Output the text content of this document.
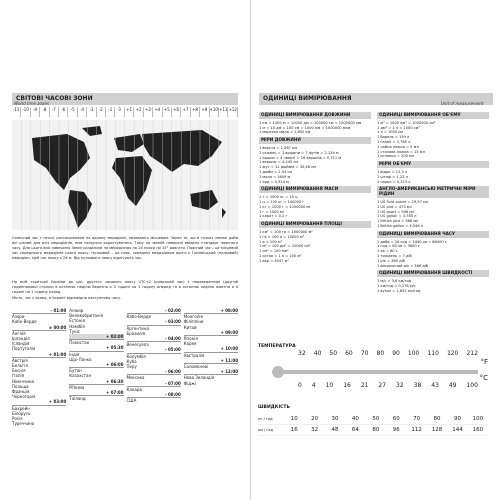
СВІТОВІ ЧАСОВІ ЗОНИ
World time zones
-11 -10	-9	-8	-7	-6	-5	-4	-3	-2	-1	0	+1 +2 +3 +4 +5 +6 +7 +8 +9 +10 +11 +12
Сонячний час з точки, розташованою на одному меридіані, називають місцевим. Через те, що в точках земної доби він різний для всіх меридіанів, ним незручно користуватися. Тому на земній поверхні ввідено стандарт поясного часу. Для цього всю поверхню Землі розділили по меридіанах на 24 пояси по 15° довготи. Поясний час – це місцевий час середнього меридіана цього поясу. Нульовий – це пояс, середнім меридіаном якого є Гринвіцький (нульовий) меридіан. Цей час поясу є 24-м. Від нульового поясу відлічують час.
На всій території України до цієї, другого часового поясу UTC+2 (київський час) з переведенням (другий годинникової стрілки в останню неділю березня о 3 годині на 1 годину вперед та в останню неділю жовтня о 4 годині на 1 годину назад.
Місто, час у якому, в Україні відповідно наступному часу.
- 01:00
Азори
Кабо-Верде
± 00:00
Англія
Ірландія
Ісландія
Португалія
+ 01:00
Австрія
Бельгія
Боснія
Італія
Німеччина
Польща
Франція
Чорногорія
+ 03:00
Бахрейн
Білорусь
Росія
Туреччина
Алжир
Великобританія
Естонія
Намібія
Туніс
+ 02:00
Пакистан
+ 05:30
Індія
Шрі-Ланка
+ 06:00
Бутан
Казахстан
+ 06:30
М'янма
+ 07:00
Таїланд
- 02:00
Кабо-Верде
- 03:00
Аргентина
Бразилія
- 04:00
Венесуела
- 05:00
Колумбія
Куба
Перу
- 06:00
Мексика
- 07:00
Канада
- 08:00
США
+ 08:00
Монголія
Філіппіни
Китай
+ 09:00
Японія
Корея
+ 10:00
Австралія
+ 11:00
Соломонові
+ 12:00
Нова Зеландія
Фіджі
ОДИНИЦІ ВИМІРЮВАННЯ
Unit of measurement
ОДИНИЦІ ВИМІРЮВАННЯ ДОВЖИНИ
1 км = 1000 м = 10000 дм = 100000 см = 1000000 мм
1 м = 10 дм = 100 см = 1000 мм = 1000000 мкм
1 морська миля = 1,852 км
МІРИ ДОВЖИНИ
1 верста = 1,067 км
1 сажень = 3 аршини = 7 футів = 2,134 м
1 аршин = 4 чверті = 16 вершків = 0,711 м
1 вершок = 4,445 см
1 фут = 12 дюймів = 30,48 см
1 дюйм = 2,54 см
1 миля = 1609 м
1 ярд = 0,914 м
ОДИНИЦІ ВИМІРЮВАННЯ МАСИ
1 т = 1000 кг = 10 ц
1 ц = 100 кг = 100000 г
1 кг = 1000 г = 1000000 мг
1 г = 1000 мг
1 карат = 0,2 г
ОДИНИЦІ ВИМІРЮВАННЯ ПЛОЩІ
1 км² = 100 га = 1000000 м²
1 га = 100 а = 10000 м²
1 а = 100 м²
1 м² = 100 дм² = 10000 см²
1 см² = 100 мм²
1 сотка = 1 а = 100 м²
1 акр = 4047 м²
ОДИНИЦІ ВИМІРЮВАННЯ ОБ'ЄМУ
1 м³ = 1000 дм³ = 1000000 см³
1 дм³ = 1 л = 1000 см³
1 л = 1000 мл
1 барель = 159 л
1 галон = 3,785 л
1 чайна ложка = 5 мл
1 столова ложка = 15 мл
1 склянка = 200 мл
МІРИ ОБ'ЄМУ
1 відро = 12,3 л
1 штоф = 1,23 л
1 чарка = 0,123 л
АНГЛО-АМЕРИКАНСЬКІ МЕТРИЧНІ МІРИ РІДИН
1 US fluid ounce = 29,57 мл
1 US pint = 473 мл
1 US quart = 946 мл
1 US gallon = 3,785 л
1 British pint = 568 мл
1 British gallon = 4,546 л
ОДИНИЦІ ВИМІРЮВАННЯ ЧАСУ
1 доба = 24 год = 1440 хв = 86400 с
1 год = 60 хв = 3600 с
1 хв = 60 с
1 тиждень = 7 діб
1 рік = 365 діб
1 високосний рік = 366 діб
ОДИНИЦІ ВИМІРЮВАННЯ ШВИДКОСТІ
1 м/с = 3,6 км/год
1 км/год = 0,278 м/с
1 вузол = 1,852 км/год
ТЕМПЕРАТУРА
°F
°C
32 40 50 60 70 80 90 100 110 120 212
0 4 10 16 21 27 32 38 43 49 100
ШВИДКІСТЬ
mi / год	10	20	30	40	50	60	70	80	90	100
км / год	16	32	48	64	80	96	112	128	144	160
